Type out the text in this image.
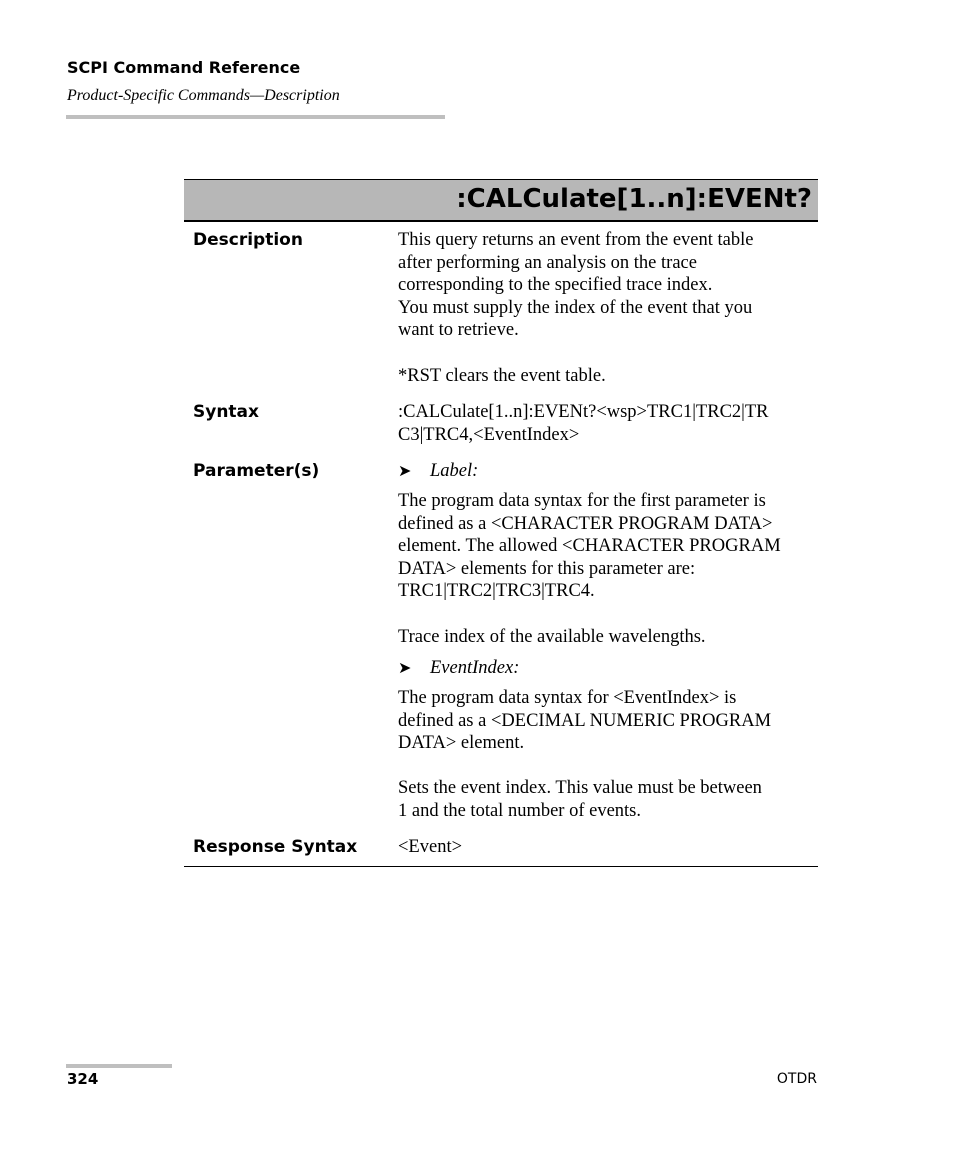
SCPI Command Reference
Product-Specific Commands—Description
:CALCulate[1..n]:EVENt?
Description	This query returns an event from the event table

after performing an analysis on the trace

corresponding to the specified trace index.

You must supply the index of the event that you

want to retrieve.

*RST clears the event table.

Syntax	:CALCulate[1..n]:EVENt?<wsp>TRC1|TRC2|TR

C3|TRC4,<EventIndex>

Parameter(s)	➤	Label:

The program data syntax for the first parameter is

defined as a <CHARACTER PROGRAM DATA>

element. The allowed <CHARACTER PROGRAM

DATA> elements for this parameter are:

TRC1|TRC2|TRC3|TRC4.

Trace index of the available wavelengths.

➤	EventIndex:

The program data syntax for <EventIndex> is

defined as a <DECIMAL NUMERIC PROGRAM

DATA> element.

Sets the event index. This value must be between

1 and the total number of events.

Response Syntax <Event>
324	OTDR
